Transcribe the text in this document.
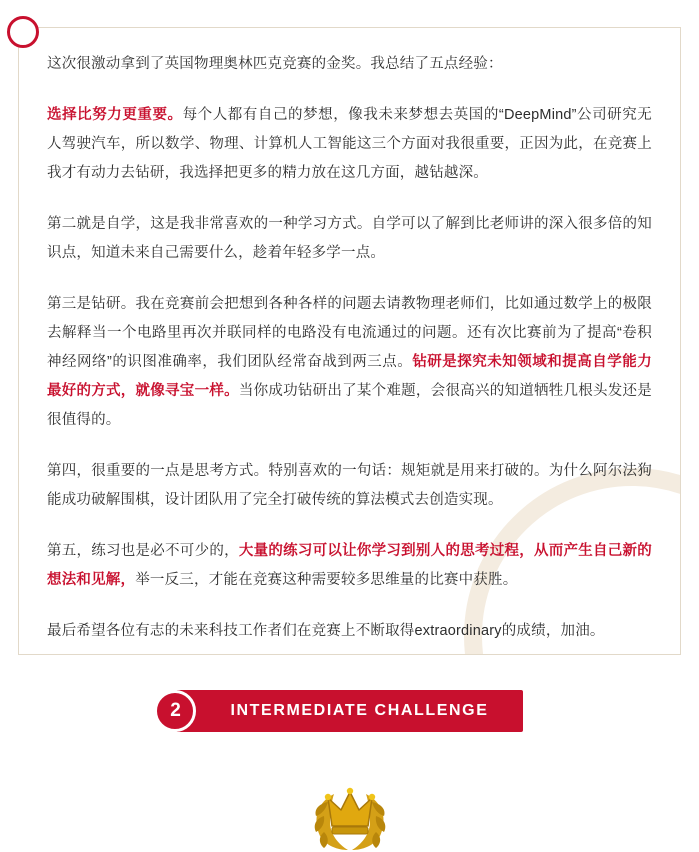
这次很激动拿到了英国物理奥林匹克竞赛的金奖。我总结了五点经验：

选择比努力更重要。每个人都有自己的梦想，像我未来梦想去英国的“DeepMind”公司研究无人驾驶汽车，所以数学、物理、计算机人工智能这三个方面对我很重要，正因为此，在竞赛上我才有动力去钻研，我选择把更多的精力放在这几方面，越钻越深。

第二就是自学，这是我非常喜欢的一种学习方式。自学可以了解到比老师讲的深入很多倍的知识点，知道未来自己需要什么，趁着年轻多学一点。

第三是钻研。我在竞赛前会把想到各种各样的问题去请教物理老师们，比如通过数学上的极限去解释当一个电路里再次并联同样的电路没有电流通过的问题。还有次比赛前为了提高“卷积神经网络”的识图准确率，我们团队经常奋战到两三点。钻研是探究未知领域和提高自学能力最好的方式，就像寻宝一样。当你成功钻研出了某个难题，会很高兴的知道牺牲几根头发还是很值得的。

第四，很重要的一点是思考方式。特别喜欢的一句话：规矩就是用来打破的。为什么阿尔法狗能成功破解围棋，设计团队用了完全打破传统的算法模式去创造实现。

第五，练习也是必不可少的，大量的练习可以让你学习到别人的思考过程，从而产生自己新的想法和见解，举一反三，才能在竞赛这种需要较多思维量的比赛中获胜。

最后希望各位有志的未来科技工作者们在竞赛上不断取得extraordinary的成绩，加油。

2	INTERMEDIATE CHALLENGE
